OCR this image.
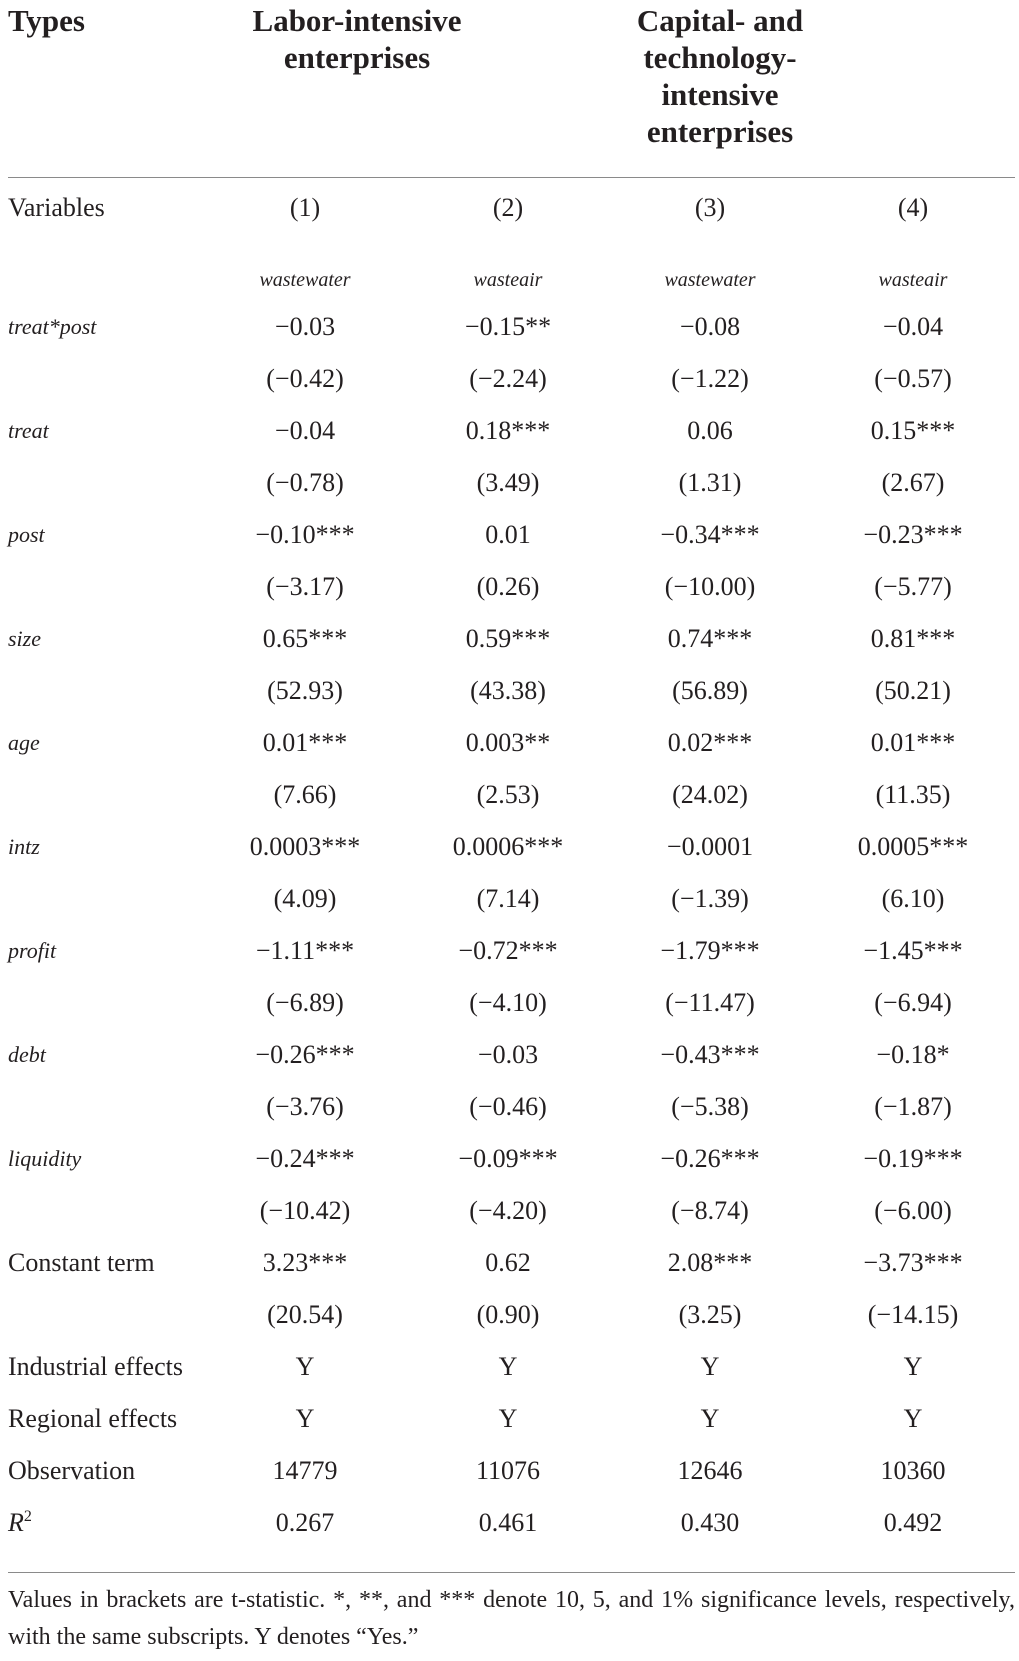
Types	Labor-intensive
enterprises
Capital- and
technology-
intensive
enterprises
Variables	(1)	(2)	(3)	(4)
wastewater	wasteair	wastewater	wasteair
treat*post	−0.03	−0.15**	−0.08	−0.04
(−0.42)	(−2.24)	(−1.22)	(−0.57)
treat	−0.04	0.18***	0.06	0.15***
(−0.78)	(3.49)	(1.31)	(2.67)
post	−0.10***	0.01	−0.34***	−0.23***
(−3.17)	(0.26)	(−10.00)	(−5.77)
size	0.65***	0.59***	0.74***	0.81***
(52.93)	(43.38)	(56.89)	(50.21)
age	0.01***	0.003**	0.02***	0.01***
(7.66)	(2.53)	(24.02)	(11.35)
intz	0.0003***	0.0006***	−0.0001	0.0005***
(4.09)	(7.14)	(−1.39)	(6.10)
profit	−1.11***	−0.72***	−1.79***	−1.45***
(−6.89)	(−4.10)	(−11.47)	(−6.94)
debt	−0.26***	−0.03	−0.43***	−0.18*
(−3.76)	(−0.46)	(−5.38)	(−1.87)
liquidity	−0.24***	−0.09***	−0.26***	−0.19***
(−10.42)	(−4.20)	(−8.74)	(−6.00)
Constant term	3.23***	0.62	2.08***	−3.73***
(20.54)	(0.90)	(3.25)	(−14.15)
Industrial effects	Y	Y	Y	Y
Regional effects	Y	Y	Y	Y
Observation	14779	11076	12646	10360
$R^2$	0.267	0.461	0.430	0.492
Values in brackets are t-statistic. *, **, and *** denote 10, 5, and 1% significance levels, respectively, with the same subscripts. Y denotes “Yes.”
